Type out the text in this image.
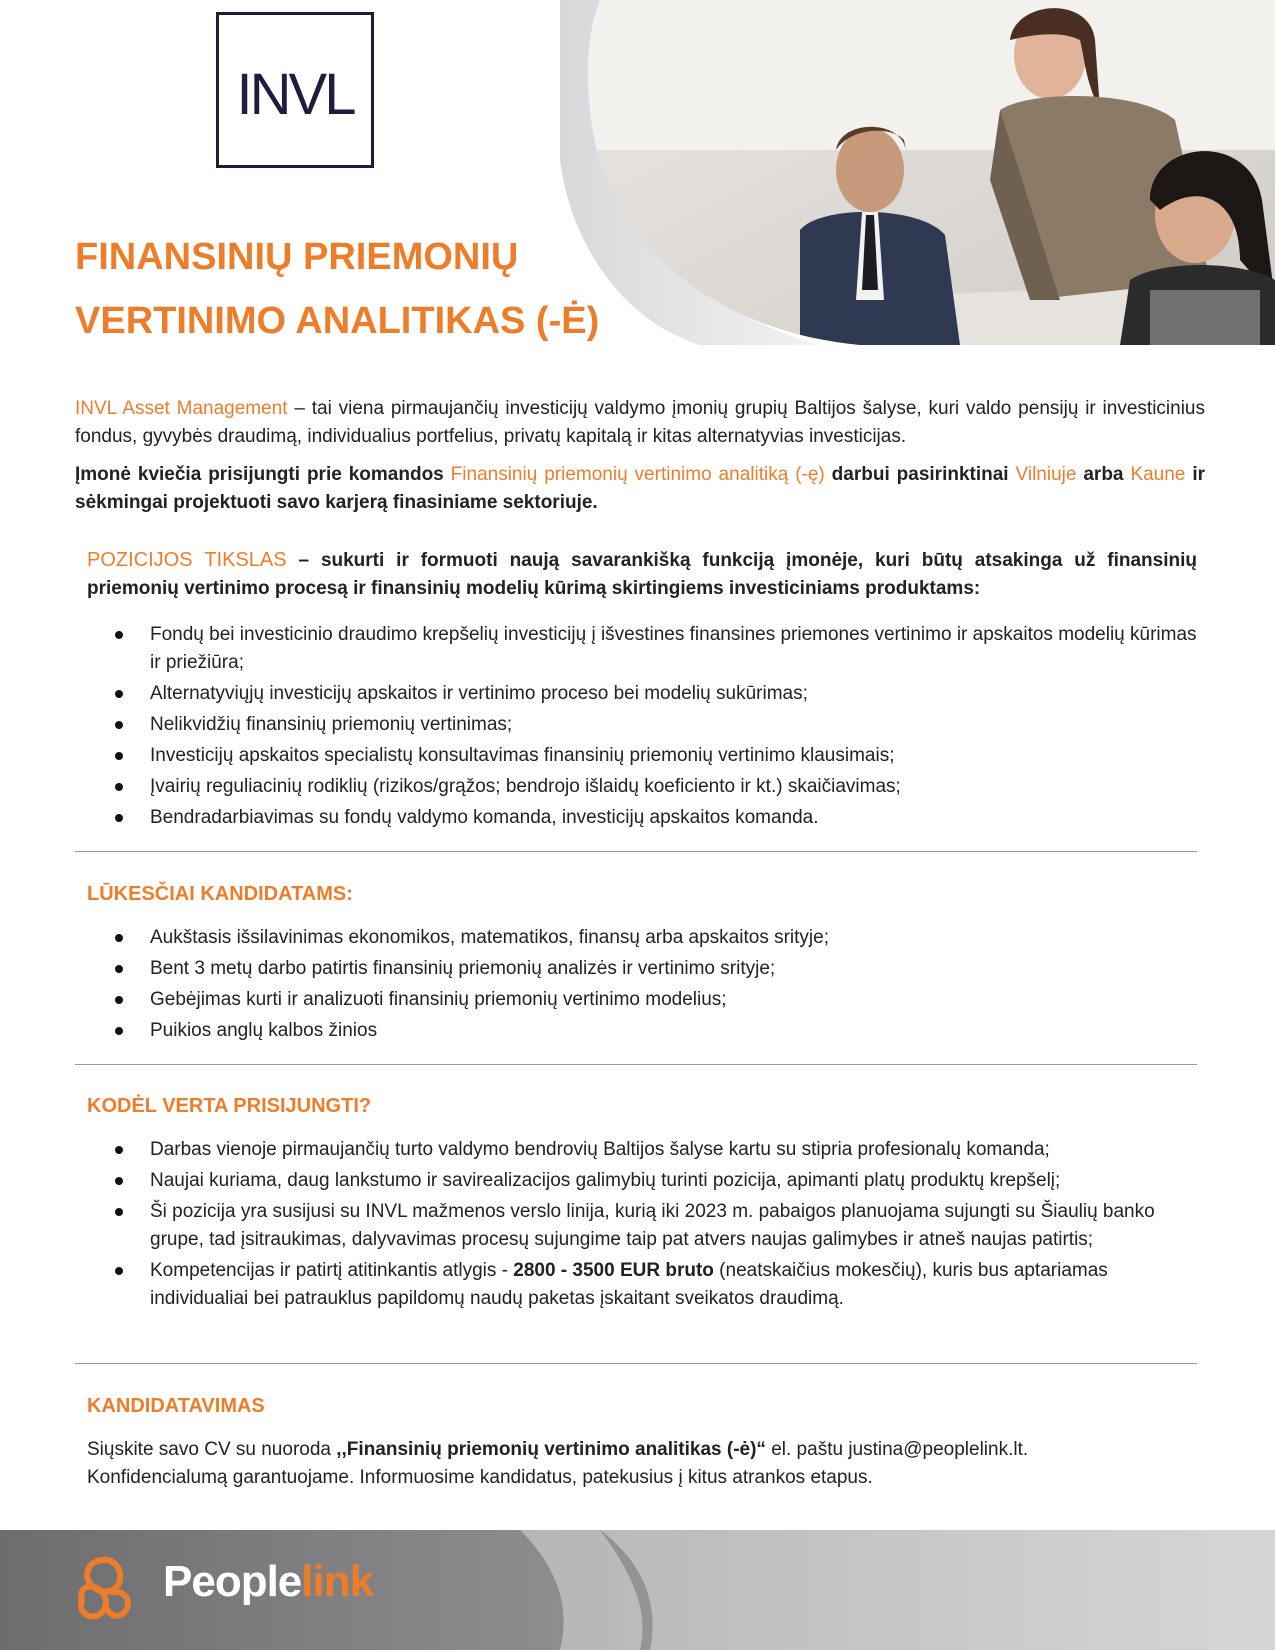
INVL
FINANSINIŲ PRIEMONIŲ
VERTINIMO ANALITIKAS (-Ė)

INVL Asset Management – tai viena pirmaujančių investicijų valdymo įmonių grupių Baltijos šalyse, kuri valdo pensijų ir investicinius fondus, gyvybės draudimą, individualius portfelius, privatų kapitalą ir kitas alternatyvias investicijas.

Įmonė kviečia prisijungti prie komandos Finansinių priemonių vertinimo analitiką (-ę) darbui pasirinktinai Vilniuje arba Kaune ir sėkmingai projektuoti savo karjerą finasiniame sektoriuje.

POZICIJOS TIKSLAS – sukurti ir formuoti naują savarankišką funkciją įmonėje, kuri būtų atsakinga už finansinių priemonių vertinimo procesą ir finansinių modelių kūrimą skirtingiems investiciniams produktams:

Fondų bei investicinio draudimo krepšelių investicijų į išvestines finansines priemones vertinimo ir apskaitos modelių kūrimas ir priežiūra;
Alternatyviųjų investicijų apskaitos ir vertinimo proceso bei modelių sukūrimas;
Nelikvidžių finansinių priemonių vertinimas;
Investicijų apskaitos specialistų konsultavimas finansinių priemonių vertinimo klausimais;
Įvairių reguliacinių rodiklių (rizikos/grąžos; bendrojo išlaidų koeficiento ir kt.) skaičiavimas;
Bendradarbiavimas su fondų valdymo komanda, investicijų apskaitos komanda.
LŪKESČIAI KANDIDATAMS:
Aukštasis išsilavinimas ekonomikos, matematikos, finansų arba apskaitos srityje;
Bent 3 metų darbo patirtis finansinių priemonių analizės ir vertinimo srityje;
Gebėjimas kurti ir analizuoti finansinių priemonių vertinimo modelius;
Puikios anglų kalbos žinios
KODĖL VERTA PRISIJUNGTI?
Darbas vienoje pirmaujančių turto valdymo bendrovių Baltijos šalyse kartu su stipria profesionalų komanda;
Naujai kuriama, daug lankstumo ir savirealizacijos galimybių turinti pozicija, apimanti platų produktų krepšelį;
Ši pozicija yra susijusi su INVL mažmenos verslo linija, kurią iki 2023 m. pabaigos planuojama sujungti su Šiaulių banko grupe, tad įsitraukimas, dalyvavimas procesų sujungime taip pat atvers naujas galimybes ir atneš naujas patirtis;
Kompetencijas ir patirtį atitinkantis atlygis - 2800 - 3500 EUR bruto (neatskaičius mokesčių), kuris bus aptariamas individualiai bei patrauklus papildomų naudų paketas įskaitant sveikatos draudimą.
KANDIDATAVIMAS

Siųskite savo CV su nuoroda ,,Finansinių priemonių vertinimo analitikas (-ė)“ el. paštu justina@peoplelink.lt.

Konfidencialumą garantuojame. Informuosime kandidatus, patekusius į kitus atrankos etapus.

Peoplelink
